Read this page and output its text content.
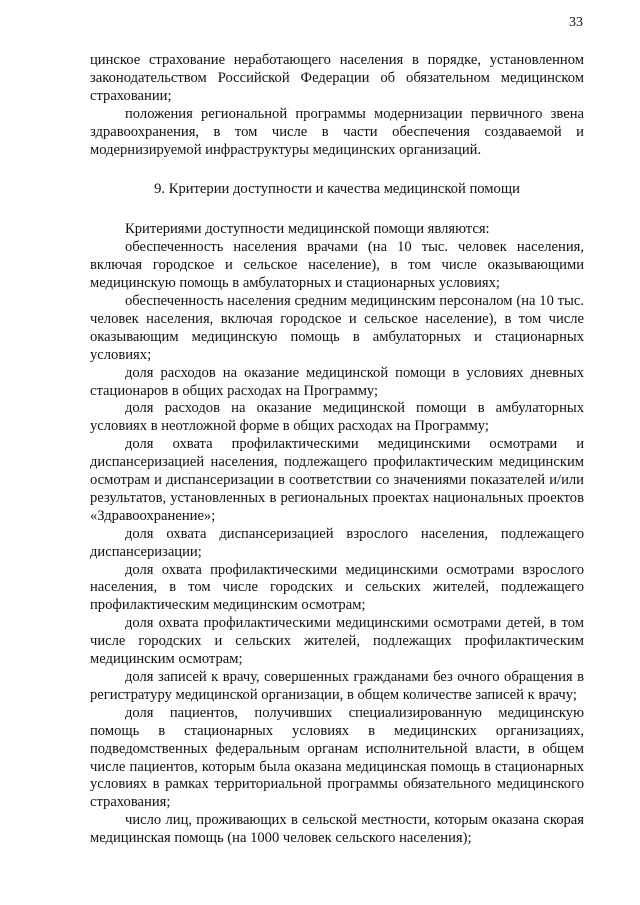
33

цинское страхование неработающего населения в порядке, установленном законодательством Российской Федерации об обязательном медицинском страховании;

положения региональной программы модернизации первичного звена здравоохранения, в том числе в части обеспечения создаваемой и модернизируемой инфраструктуры медицинских организаций.

9. Критерии доступности и качества медицинской помощи

Критериями доступности медицинской помощи являются:

обеспеченность населения врачами (на 10 тыс. человек населения, включая городское и сельское население), в том числе оказывающими медицинскую помощь в амбулаторных и стационарных условиях;

обеспеченность населения средним медицинским персоналом (на 10 тыс. человек населения, включая городское и сельское население), в том числе оказывающим медицинскую помощь в амбулаторных и стационарных условиях;

доля расходов на оказание медицинской помощи в условиях дневных стационаров в общих расходах на Программу;

доля расходов на оказание медицинской помощи в амбулаторных условиях в неотложной форме в общих расходах на Программу;

доля охвата профилактическими медицинскими осмотрами и диспансеризацией населения, подлежащего профилактическим медицинским осмотрам и диспансеризации в соответствии со значениями показателей и/или результатов, установленных в региональных проектах национальных проектов «Здравоохранение»;

доля охвата диспансеризацией взрослого населения, подлежащего диспансеризации;

доля охвата профилактическими медицинскими осмотрами взрослого населения, в том числе городских и сельских жителей, подлежащего профилактическим медицинским осмотрам;

доля охвата профилактическими медицинскими осмотрами детей, в том числе городских и сельских жителей, подлежащих профилактическим медицинским осмотрам;

доля записей к врачу, совершенных гражданами без очного обращения в регистратуру медицинской организации, в общем количестве записей к врачу;

доля пациентов, получивших специализированную медицинскую помощь в стационарных условиях в медицинских организациях, подведомственных федеральным органам исполнительной власти, в общем числе пациентов, которым была оказана медицинская помощь в стационарных условиях в рамках территориальной программы обязательного медицинского страхования;

число лиц, проживающих в сельской местности, которым оказана скорая медицинская помощь (на 1000 человек сельского населения);
